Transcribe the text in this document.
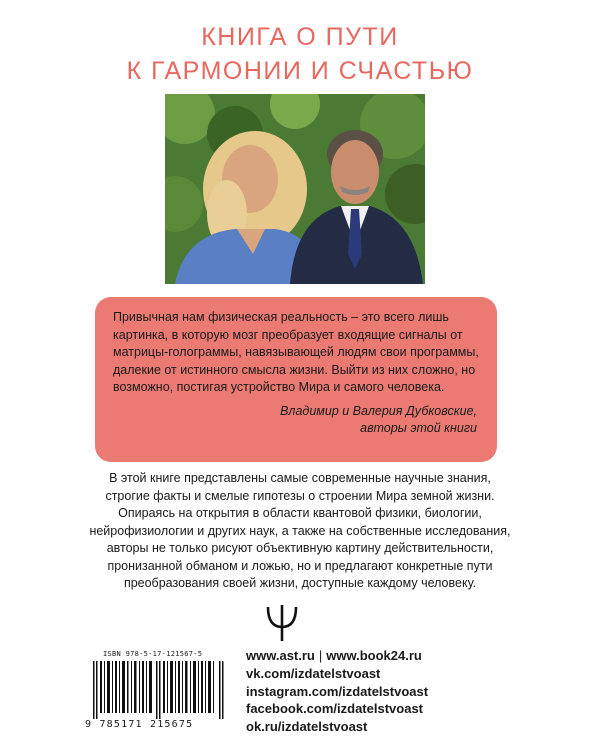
КНИГА О ПУТИ
К ГАРМОНИИ И СЧАСТЬЮ

Привычная нам физическая реальность – это всего лишь картинка, в которую мозг преобразует входящие сигналы от матрицы-голограммы, навязывающей людям свои программы, далекие от истинного смысла жизни. Выйти из них сложно, но возможно, постигая устройство Мира и самого человека.

Владимир и Валерия Дубковские,
авторы этой книги
В этой книге представлены самые современные научные знания,
строгие факты и смелые гипотезы о строении Мира земной жизни.
Опираясь на открытия в области квантовой физики, биологии,
нейрофизиологии и других наук, а также на собственные исследования,
авторы не только рисуют объективную картину действительности,
пронизанной обманом и ложью, но и предлагают конкретные пути
преобразования своей жизни, доступные каждому человеку.
ISBN 978-5-17-121567-5
9 785171 215675
www.ast.ru | www.book24.ru
vk.com/izdatelstvoast
instagram.com/izdatelstvoast
facebook.com/izdatelstvoast
ok.ru/izdatelstvoast
